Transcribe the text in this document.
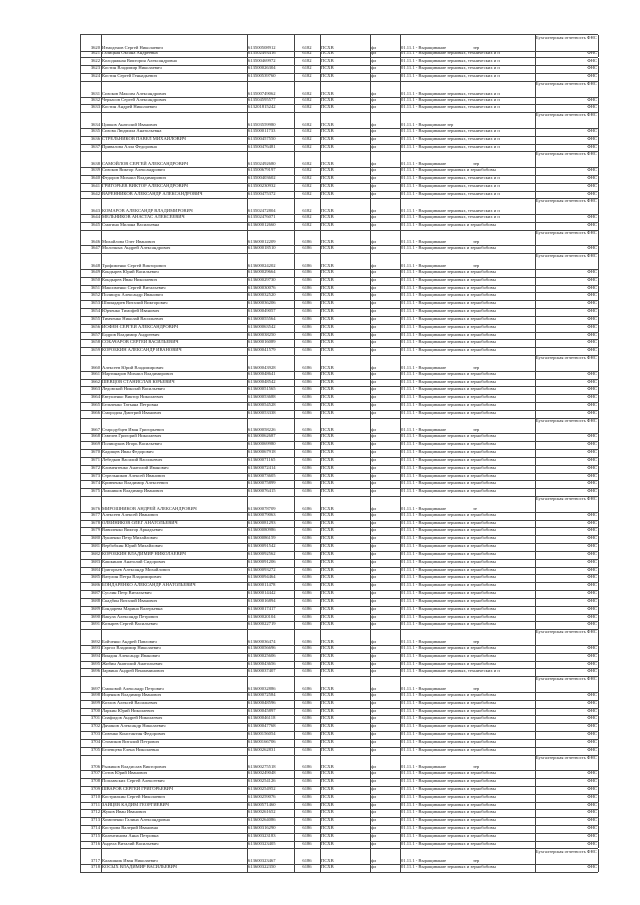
3620 Измоденов Сергей Николаевич	613500508912	6182	ПСХВ	фл	01.11.1 - Выращивание	зер
Бухгалтерская отчетность ФНС
3621 Галицкая Оксана Андреевна	613502493416	6182	ПСХВ	фл	01.11.1 - Выращивание зерновых, технических и п	ФНС
3622 Колодяжная Виктория Александровна	613500469972	6182	ПСХВ	фл	01.11.1 - Выращивание зерновых, технических и п	ФНС
3623 Костин Владимир Николаевич	613500026304	6182	ПСХВ	фл	01.11.1 - Выращивание зерновых, технических и п	ФНС
3624 Костин Сергей Геннадьевич	613500539760	6182	ПСХВ	фл	01.11.1 - Выращивание зерновых, технических и п	ФНС
3631 Сизоков Максим Александрович	613500749062	6182	ПСХВ	фл	01.11.1 - Выращивание зерновых, технических и п
Бухгалтерская отчетность ФНС
3632 Черкасов Сергей Александрович	613504595577	6182	ПСХВ	фл	01.11.1 - Выращивание зерновых, технических и п	ФНС
3633 Костин Андрей Николаевич	613201815242	6182	ПСХВ	фл	01.11.1 - Выращивание зерновых, технических и п	ФНС
3634 Ципков Анатолий Иванович	613503559980	6182	ПСХВ	фл	01.11.1 - Выращивание зер
Бухгалтерская отчетность ФНС
3635 Сизова Людмила Анатольевна	613500011733	6182	ПСХВ	фл	01.11.1 - Выращивание зерновых, технических и п	ФНС
3636 СТРЕЛЬНИКОВ ПАВЕЛ МИХАЙЛОВИЧ	613500457550	6182	ПСХВ	фл	01.11.1 - Выращивание зерновых, технических и п	ФНС
3637 Привалова Алла Федоровна	613500476481	6182	ПСХВ	фл	01.11.1 - Выращивание зерновых, технических и п	ФНС
3638 САМОЙЛОВ СЕРГЕЙ АЛЕКСАНДРОВИЧ	613502492680	6182	ПСХВ	фл	01.11.1 - Выращивание	зер
Бухгалтерская отчетность ФНС
3639 Сизоков Виктор Александрович	613500679197	6182	ПСХВ	фл	01.11.1 - Выращивание зерновых и зернобобовы	ФНС
3640 Федоров Михаил Владимирович	613500403602	6182	ПСХВ	фл	01.11.1 - Выращивание зерновых, технических и п	ФНС
3641 ГРИГОРЬЕВ ВИКТОР АЛЕКСАНДРОВИЧ	613500230932	6182	ПСХВ	фл	01.11.1 - Выращивание зерновых, технических и п	ФНС
3642 ВАРЕННИКОВ АЛЕКСАНДР АЛЕКСАНДРОВИЧ	613500475372	6182	ПСХВ	фл	01.11.1 - Выращивание зерновых, технических и п	ФНС
3643 КОМАРОВ АЛЕКСАНДР ВЛАДИМИРОВИЧ	613502472804	6182	ПСХВ	фл	01.11.1 - Выращивание зерновых, технических и п
Бухгалтерская отчетность ФНС
3644 МЕЛЬНИКОВ АНАСТАС АЛЕКСЕЕВИЧ	613502476071	6182	ПСХВ	фл	01.11.1 - Выращивание зерновых, технических и п	ФНС
3645 Смагина Милана Васильевна	613600012660	6182	ПСХВ	фл	01.11.1 - Выращивание зерновых и зернобобовы	ФНС
3646 Михайлова Олег Иванович	613600012209	6186	ПСХВ	фл	01.11.1 - Выращивание	зер
Бухгалтерская отчетность ФНС
3647 Молочных Андрей Александрович	613600018510	6186	ПСХВ	фл	01.11.1 - Выращивание зерновых и зернобобовы	ФНС
3648 Трофименко Сергей Викторович	613600024202	6186	ПСХВ	фл	01.11.1 - Выращивание	зер
Бухгалтерская отчетность ФНС
3649 Кондырев Юрий Васильевич	613600029664	6186	ПСХВ	фл	01.11.1 - Выращивание зерновых и зернобобовы	ФНС
3650 Кондырев Иван Николаевич	613600029730	6186	ПСХВ	фл	01.11.1 - Выращивание зерновых и зернобобовы	ФНС
3651 Максименко Сергей Витальевич	613600030076	6186	ПСХВ	фл	01.11.1 - Выращивание зерновых и зернобобовы	ФНС
3652 Полищук Александр Иванович	613600032520	6186	ПСХВ	фл	01.11.1 - Выращивание зерновых и зернобобовы	ФНС
3653 Шпиндарев Виталий Викторович	613600036206	6186	ПСХВ	фл	01.11.1 - Выращивание зерновых и зернобобовы	ФНС
3654 Юрченко Тимофей Иванович	613600049057	6186	ПСХВ	фл	01.11.1 - Выращивание зерновых и зернобобовы	ФНС
3655 Тимченко Николай Васильевич	613600055564	6186	ПСХВ	фл	01.11.1 - Выращивание зерновых и зернобобовы	ФНС
3656 ИОФЕН СЕРГЕЙ АЛЕКСАНДРОВИЧ	613600063542	6186	ПСХВ	фл	01.11.1 - Выращивание зерновых и зернобобовы	ФНС
3657 Бодров Владимир Андреевич	613600038250	6186	ПСХВ	фл	01.11.1 - Выращивание зерновых и зернобобовы	ФНС
3658 СОБАЧАРОВ СЕРГЕЙ ВАСИЛЬЕВИЧ	613600016089	6186	ПСХВ	фл	01.11.1 - Выращивание зерновых и зернобобовы	ФНС
3659 КОРОБКИН АЛЕКСАНДР ИВАНОВИЧ	613600041579	6186	ПСХВ	фл	01.11.1 - Выращивание зерновых и зернобобовы	ФНС
3660 Алексеев Юрий Владимирович	613600043928	6186	ПСХВ	фл	01.11.1 - Выращивание	зер
Бухгалтерская отчетность ФНС
3661 Мартинаров Михаил Владимирович	613600048641	6186	ПСХВ	фл	01.11.1 - Выращивание зерновых и зернобобовы	ФНС
3662 ШЕВЦОВ СТАНИСЛАВ ЮРЬЕВИЧ	613600048542	6186	ПСХВ	фл	01.11.1 - Выращивание зерновых и зернобобовы	ФНС
3663 Ледовской Николай Васильевич	613600051565	6186	ПСХВ	фл	01.11.1 - Выращивание зерновых и зернобобовы	ФНС
3664 Евтушенко Виктор Николаевич	613600053688	6186	ПСХВ	фл	01.11.1 - Выращивание зерновых и зернобобовы	ФНС
3665 Бельченко Татьяна Петровна	613600054528	6186	ПСХВ	фл	01.11.1 - Выращивание зерновых и зернобобовы	ФНС
3666 Смородин Дмитрий Иванович	613600053338	6186	ПСХВ	фл	01.11.1 - Выращивание зерновых и зернобобовы	ФНС
3667 Стародубцев Иван Григорьевич	613600058226	6186	ПСХВ	фл	01.11.1 - Выращивание	зер
Бухгалтерская отчетность ФНС
3668 Гавелев Григорий Николаевич	613600062687	6186	ПСХВ	фл	01.11.1 - Выращивание зерновых и зернобобовы	ФНС
3669 Полищуков Игорь Васильевич	613600069980	6186	ПСХВ	фл	01.11.1 - Выращивание зерновых и зернобобовы	ФНС
3670 Кадищев Иван Федорович	613600067918	6186	ПСХВ	фл	01.11.1 - Выращивание зерновых и зернобобовы	ФНС
3671 Лебедков Василий Васильевич	613600071165	6186	ПСХВ	фл	01.11.1 - Выращивание зерновых и зернобобовы	ФНС
3672 Климентенко Анатолий Иванович	613600072414	6186	ПСХВ	фл	01.11.1 - Выращивание зерновых и зернобобовы	ФНС
3673 Стрельников Алексей Иванович	613600073605	6186	ПСХВ	фл	01.11.1 - Выращивание зерновых и зернобобовы	ФНС
3674 Кривченко Владимир Алексеевич	613600075899	6186	ПСХВ	фл	01.11.1 - Выращивание зерновых и зернобобовы	ФНС
3675 Ложников Владимир Иванович	613600076415	6186	ПСХВ	фл	01.11.1 - Выращивание зерновых и зернобобовы	ФНС
3676 МИРОШНИКОВ АНДРЕЙ АЛЕКСАНДРОВИЧ	613600078709	6186	ПСХВ	фл	01.11.1 - Выращивание	зе
Бухгалтерская отчетность ФНС
3677 Алексеев Алексей Иванович	613600079063	6186	ПСХВ	фл	01.11.1 - Выращивание зерновых и зернобобовы	ФНС
3678 ОЛЕЙНИКОВ ОЛЕГ АНАТОЛЬЕВИЧ	613600081293	6186	ПСХВ	фл	01.11.1 - Выращивание зерновых и зернобобовы	ФНС
3679 Вавиленко Виктор Аркадьевич	613600080986	6186	ПСХВ	фл	01.11.1 - Выращивание зерновых и зернобобовы	ФНС
3680 Лукиенко Петр Михайлович	613600086159	6186	ПСХВ	фл	01.11.1 - Выращивание зерновых и зернобобовы	ФНС
3681 Вербобкин Юрий Михайлович	613600091542	6186	ПСХВ	фл	01.11.1 - Выращивание зерновых и зернобобовы	ФНС
3682 КОРОБКИН ВЛАДИМИР НИКОЛАЕВИЧ	613600092562	6186	ПСХВ	фл	01.11.1 - Выращивание зерновых и зернобобовы	ФНС
3683 Кашкинов Анатолий Сидорович	613600091206	6186	ПСХВ	фл	01.11.1 - Выращивание зерновых и зернобобовы	ФНС
3684 Григорьев Александр Михайлович	613600093272	6186	ПСХВ	фл	01.11.1 - Выращивание зерновых и зернобобовы	ФНС
3685 Ватулин Петра Владимирович	613600094464	6186	ПСХВ	фл	01.11.1 - Выращивание зерновых и зернобобовы	ФНС
3686 БОНДАРЕНКО АЛЕКСАНДР АНАТОЛЬЕВИЧ	613600011478	6186	ПСХВ	фл	01.11.1 - Выращивание зерновых и зернобобовы	ФНС
3687 Суслин Петр Витальевич	613600014442	6186	ПСХВ	фл	01.11.1 - Выращивание зерновых и зернобобовы	ФНС
3688 Скадбин Виталий Иванович	613600016894	6186	ПСХВ	фл	01.11.1 - Выращивание зерновых и зернобобовы	ФНС
3689 Бондарева Марина Валерьевна	613600017417	6186	ПСХВ	фл	01.11.1 - Выращивание зерновых и зернобобовы	ФНС
3690 Вакула Александр Петрович	613600020104	6186	ПСХВ	фл	01.11.1 - Выращивание зерновых и зернобобовы	ФНС
3691 Козырев Сергей Васильевич	613600022719	6186	ПСХВ	фл	01.11.1 - Выращивание зерновых и зернобобовы	ФНС
3692 Бойченко Андрей Павлович	613600036474	6186	ПСХВ	фл	01.11.1 - Выращивание	зер
Бухгалтерская отчетность ФНС
3693 Гаргол Владимир Николаевич	613600056696	6186	ПСХВ	фл	01.11.1 - Выращивание зерновых и зернобобовы	ФНС
3694 Виндин Александр Иванович	613600025606	6186	ПСХВ	фл	01.11.1 - Выращивание зерновых и зернобобовы	ФНС
3695 Жибин Анатолий Анатольевич	613600043656	6186	ПСХВ	фл	01.11.1 - Выращивание зерновых и зернобобовы	ФНС
3696 Зарвина Андрей Вениаминович	613600037407	6186	ПСХВ	фл	01.11.1 - Выращивание зерновых, технических и п	ФНС
3697 Смоковой Александр Петрович	613600032886	6186	ПСХВ	фл	01.11.1 - Выращивание	зер
Бухгалтерская отчетность ФНС
3698 Ищенков Владимир Иванович	613600072584	6186	ПСХВ	фл	01.11.1 - Выращивание зерновых и зернобобовы	ФНС
3699 Козлов Алексей Васильевич	613600048596	6186	ПСХВ	фл	01.11.1 - Выращивание зерновых и зернобобовы	ФНС
3700 Ларкин Юрий Николаевич	613600045897	6186	ПСХВ	фл	01.11.1 - Выращивание зерновых и зернобобовы	ФНС
3701 Спафидов Андрей Николаевич	613600046118	6186	ПСХВ	фл	01.11.1 - Выращивание зерновых и зернобобовы	ФНС
3702 Дячинов Александр Николаевич	613600047768	6186	ПСХВ	фл	01.11.1 - Выращивание зерновых и зернобобовы	ФНС
3703 Сизенко Константин Федорович	613600156054	6186	ПСХВ	фл	01.11.1 - Выращивание зерновых и зернобобовы	ФНС
3704 Стомпков Виталий Петрович	613600166706	6186	ПСХВ	фл	01.11.1 - Выращивание зерновых и зернобобовы	ФНС
3705 Белевцева Елена Николаевна	613600262831	6186	ПСХВ	фл	01.11.1 - Выращивание зерновых и зернобобовы	ФНС
3706 Рыжиков Владислав Викторович	613600275518	6186	ПСХВ	фл	01.11.1 - Выращивание	зер
Бухгалтерская отчетность ФНС
3707 Сотов Юрий Иванович	613600249048	6186	ПСХВ	фл	01.11.1 - Выращивание зерновых и зернобобовы	ФНС
3708 Поплавских Сергей Алексеевич	613600254126	6186	ПСХВ	фл	01.11.1 - Выращивание зерновых и зернобобовы	ФНС
3709 ШВАРОВ СЕРГЕЙ ГРИГОРЬЕВИЧ	613600254952	6186	ПСХВ	фл	01.11.1 - Выращивание зерновых и зернобобовы	ФНС
3710 Кострилкин Сергей Николаевич	613600259076	6186	ПСХВ	фл	01.11.1 - Выращивание зерновых и зернобобовы	ФНС
3711 ЗАЙЦЕВ КАДИМ ГЕОРГИЕВИЧ	613600571460	6186	ПСХВ	фл	01.11.1 - Выращивание зерновых и зернобобовы	ФНС
3712 Жуков Иван Иванович	613600261652	6186	ПСХВ	фл	01.11.1 - Выращивание зерновых и зернобобовы	ФНС
3713 Хомиченко Галина Александровна	613600264086	6186	ПСХВ	фл	01.11.1 - Выращивание зерновых и зернобобовы	ФНС
3714 Кострова Валерий Ивановна	613600316290	6186	ПСХВ	фл	01.11.1 - Выращивание зерновых и зернобобовы	ФНС
3715 Колентинова Анна Петровна	613600323183	6186	ПСХВ	фл	01.11.1 - Выращивание зерновых и зернобобовы	ФНС
3716 Андела Виталий Васильевич	613600323405	6186	ПСХВ	фл	01.11.1 - Выращивание зерновых и зернобобовы	ФНС
3717 Калашник Иван Николаевич	613600323467	6186	ПСХВ	фл	01.11.1 - Выращивание	зер
Бухгалтерская отчетность ФНС
3718 КОСЫХ ВЛАДИМИР ВАСИЛЬЕВИЧ	613600322350	6186	ПСХВ	фл	01.11.1 - Выращивание зерновых и зернобобовы	ФНС
